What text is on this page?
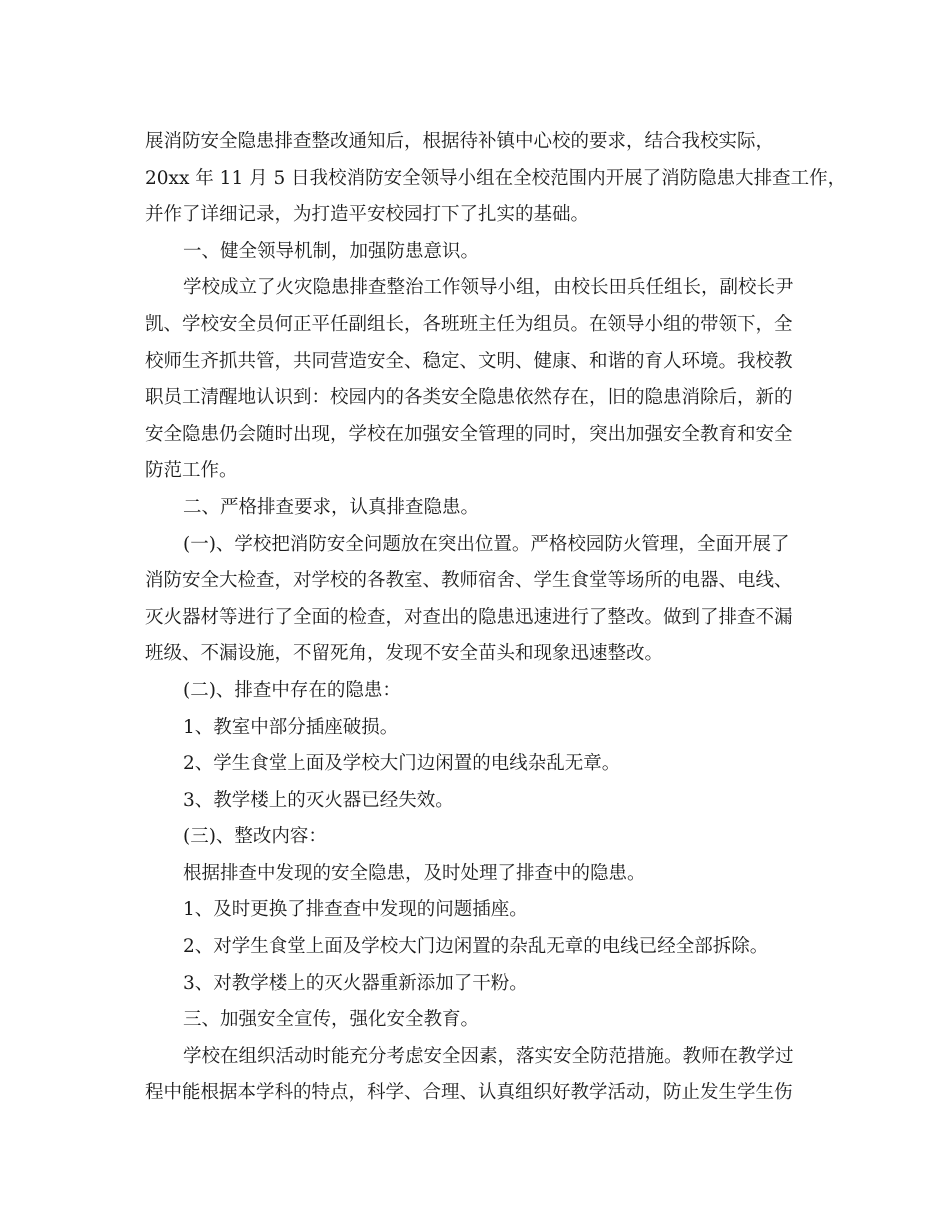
展消防安全隐患排查整改通知后，根据待补镇中心校的要求，结合我校实际，
20xx 年 11 月 5 日我校消防安全领导小组在全校范围内开展了消防隐患大排查工作，
并作了详细记录，为打造平安校园打下了扎实的基础。
一、健全领导机制，加强防患意识。
学校成立了火灾隐患排查整治工作领导小组，由校长田兵任组长，副校长尹
凯、学校安全员何正平任副组长，各班班主任为组员。在领导小组的带领下，全
校师生齐抓共管，共同营造安全、稳定、文明、健康、和谐的育人环境。我校教
职员工清醒地认识到：校园内的各类安全隐患依然存在，旧的隐患消除后，新的
安全隐患仍会随时出现，学校在加强安全管理的同时，突出加强安全教育和安全
防范工作。
二、严格排查要求，认真排查隐患。
(一)、学校把消防安全问题放在突出位置。严格校园防火管理，全面开展了
消防安全大检查，对学校的各教室、教师宿舍、学生食堂等场所的电器、电线、
灭火器材等进行了全面的检查，对查出的隐患迅速进行了整改。做到了排查不漏
班级、不漏设施，不留死角，发现不安全苗头和现象迅速整改。
(二)、排查中存在的隐患：
1、教室中部分插座破损。
2、学生食堂上面及学校大门边闲置的电线杂乱无章。
3、教学楼上的灭火器已经失效。
(三)、整改内容：
根据排查中发现的安全隐患，及时处理了排查中的隐患。
1、及时更换了排查查中发现的问题插座。
2、对学生食堂上面及学校大门边闲置的杂乱无章的电线已经全部拆除。
3、对教学楼上的灭火器重新添加了干粉。
三、加强安全宣传，强化安全教育。
学校在组织活动时能充分考虑安全因素，落实安全防范措施。教师在教学过
程中能根据本学科的特点，科学、合理、认真组织好教学活动，防止发生学生伤
